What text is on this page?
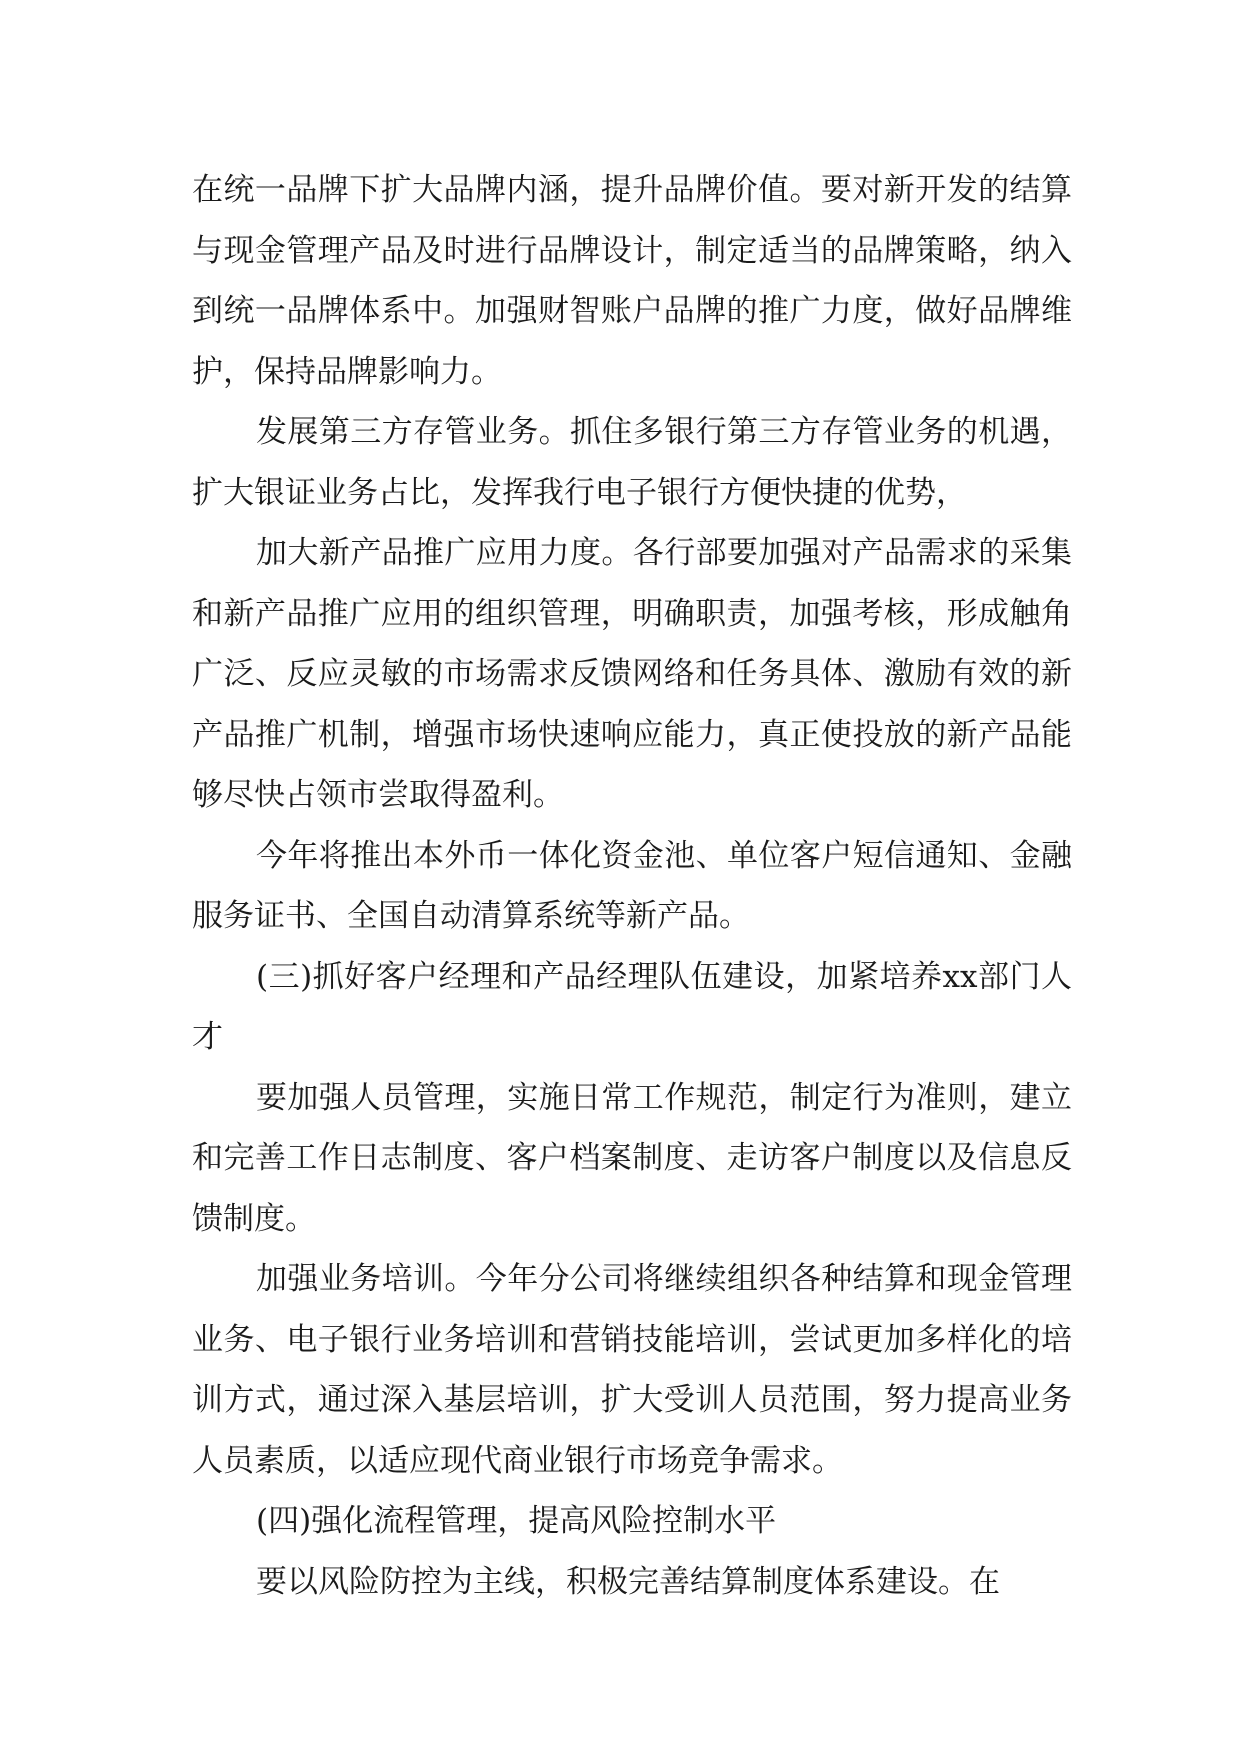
在统一品牌下扩大品牌内涵，提升品牌价值。要对新开发的结算与现金管理产品及时进行品牌设计，制定适当的品牌策略，纳入到统一品牌体系中。加强财智账户品牌的推广力度，做好品牌维护，保持品牌影响力。

发展第三方存管业务。抓住多银行第三方存管业务的机遇，扩大银证业务占比，发挥我行电子银行方便快捷的优势，

加大新产品推广应用力度。各行部要加强对产品需求的采集和新产品推广应用的组织管理，明确职责，加强考核，形成触角广泛、反应灵敏的市场需求反馈网络和任务具体、激励有效的新产品推广机制，增强市场快速响应能力，真正使投放的新产品能够尽快占领市尝取得盈利。

今年将推出本外币一体化资金池、单位客户短信通知、金融服务证书、全国自动清算系统等新产品。

(三)抓好客户经理和产品经理队伍建设，加紧培养xx部门人才

要加强人员管理，实施日常工作规范，制定行为准则，建立和完善工作日志制度、客户档案制度、走访客户制度以及信息反馈制度。

加强业务培训。今年分公司将继续组织各种结算和现金管理业务、电子银行业务培训和营销技能培训，尝试更加多样化的培训方式，通过深入基层培训，扩大受训人员范围，努力提高业务人员素质，以适应现代商业银行市场竞争需求。

(四)强化流程管理，提高风险控制水平

要以风险防控为主线，积极完善结算制度体系建设。在
